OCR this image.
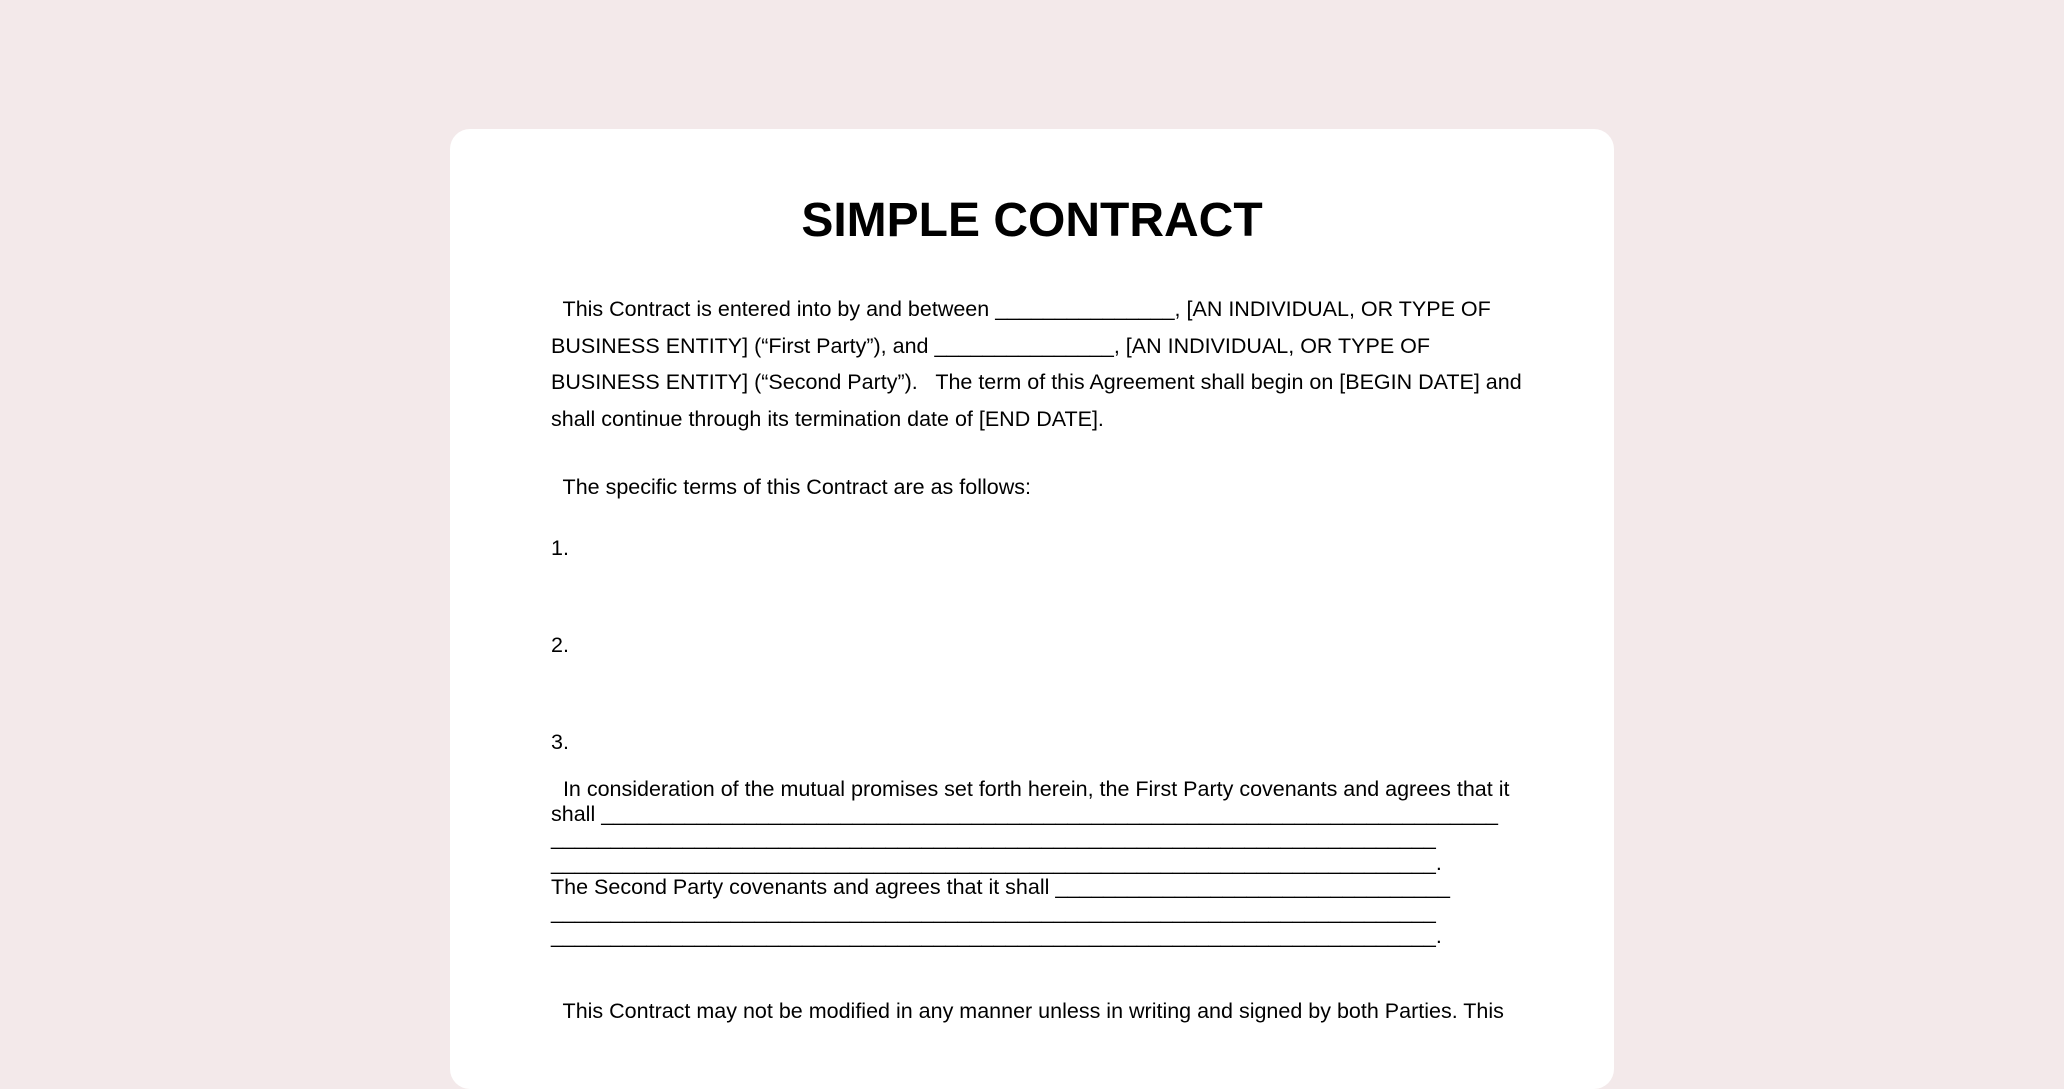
SIMPLE CONTRACT

This Contract is entered into by and between _______________, [AN INDIVIDUAL, OR TYPE OF
BUSINESS ENTITY] (“First Party”), and _______________, [AN INDIVIDUAL, OR TYPE OF
BUSINESS ENTITY] (“Second Party”).   The term of this Agreement shall begin on [BEGIN DATE] and
shall continue through its termination date of [END DATE].

The specific terms of this Contract are as follows:

1.

2.

3.

In consideration of the mutual promises set forth herein, the First Party covenants and agrees that it
shall ___________________________________________________________________________
__________________________________________________________________________
__________________________________________________________________________.
The Second Party covenants and agrees that it shall _________________________________
__________________________________________________________________________
__________________________________________________________________________.

This Contract may not be modified in any manner unless in writing and signed by both Parties. This
